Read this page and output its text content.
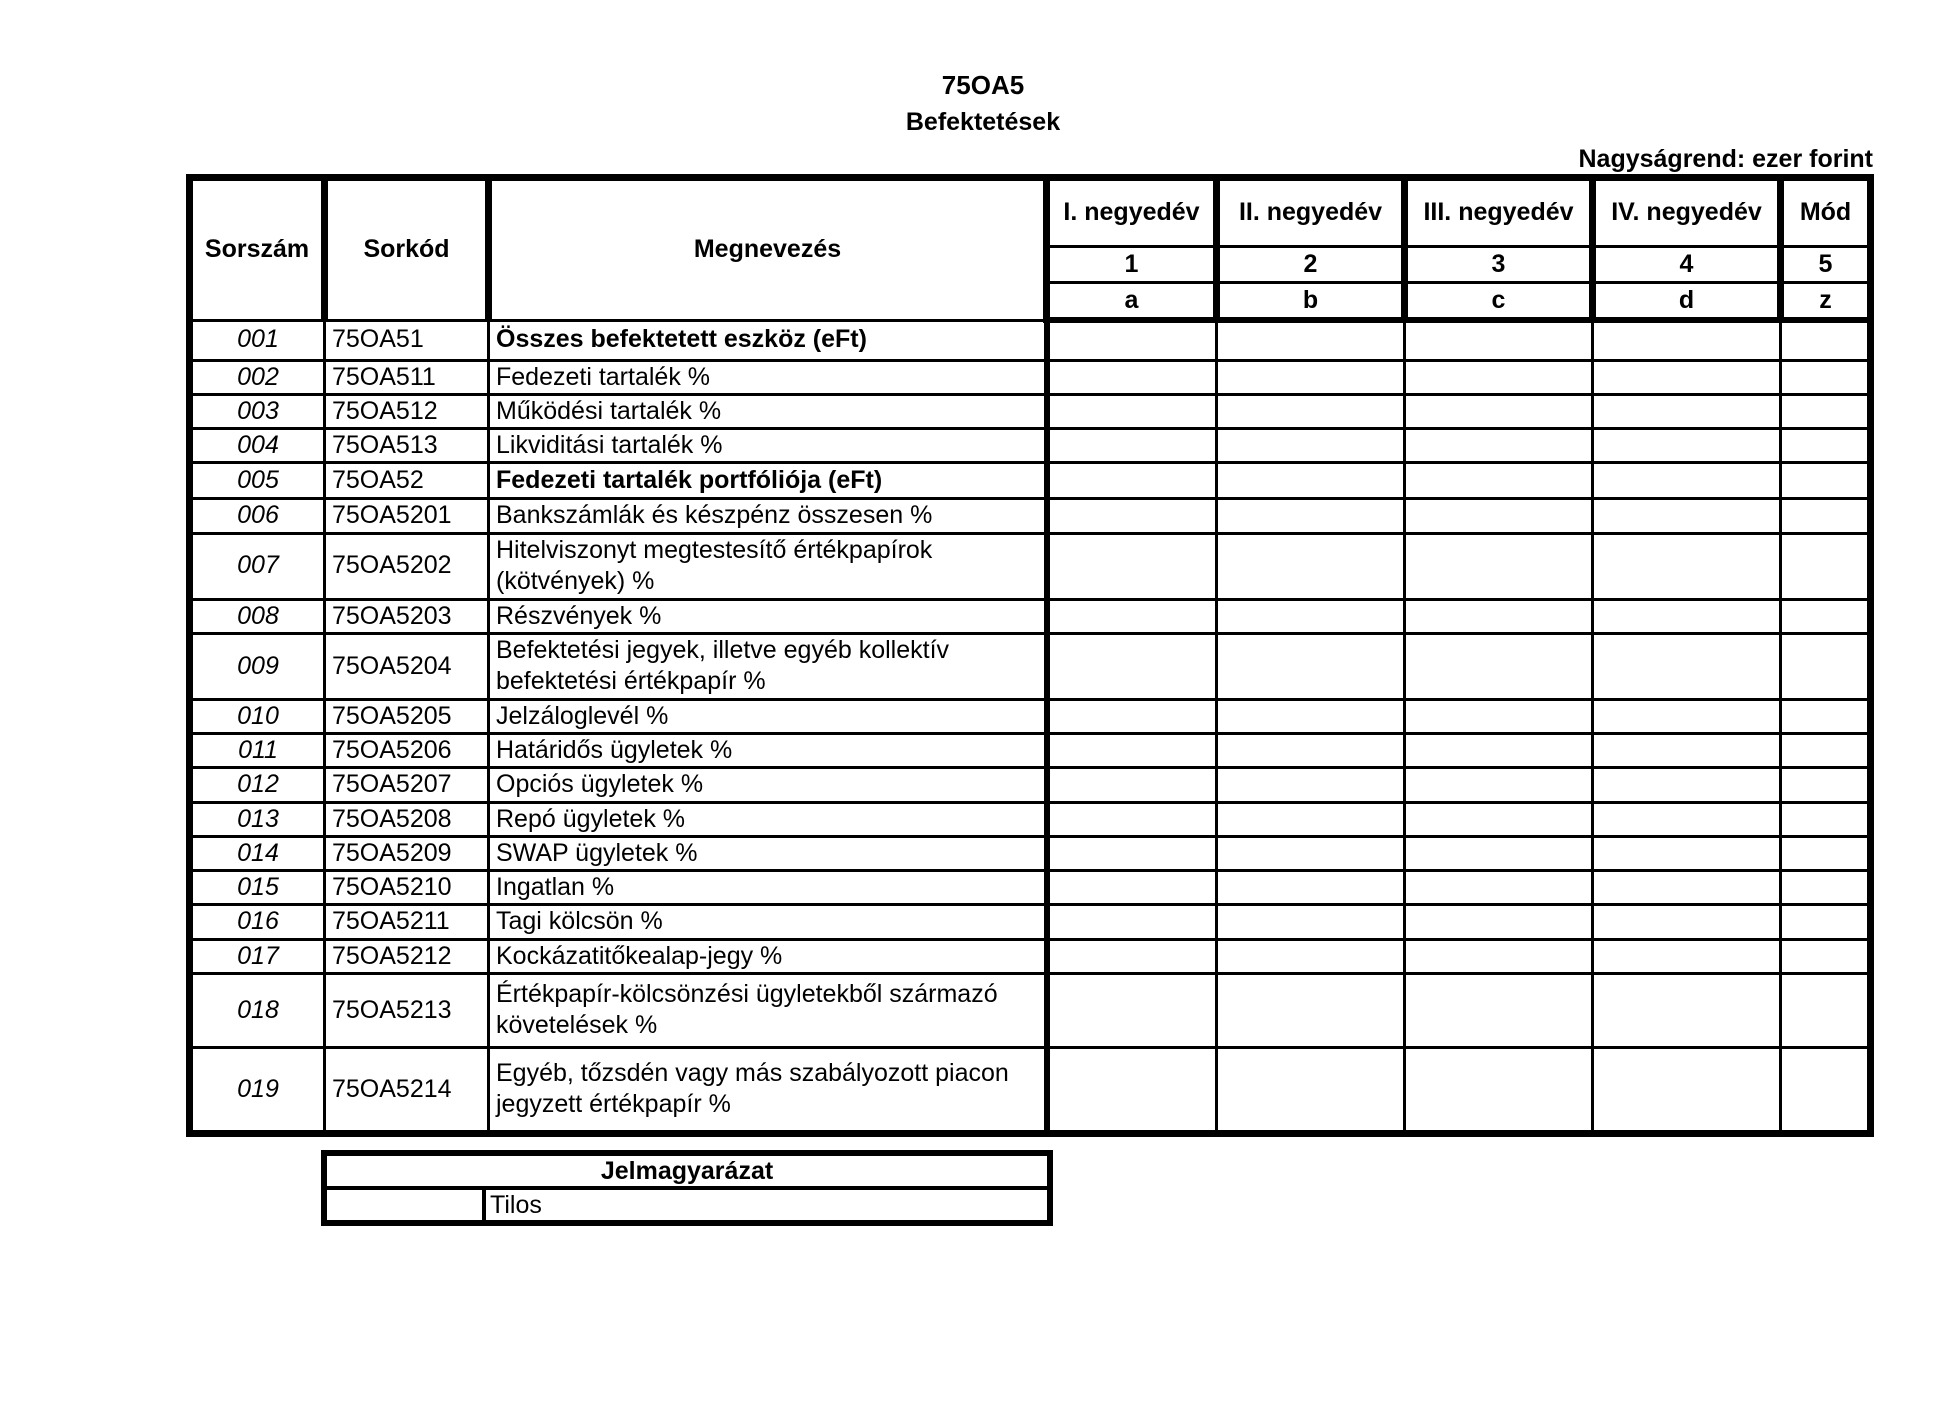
75OA5
Befektetések
Nagyságrend: ezer forint
Sorszám	Sorkód	Megnevezés	I. negyedév	II. negyedév	III. negyedév	IV. negyedév	Mód
			1	2	3	4	5
			a	b	c	d	z
001	75OA51	Összes befektetett eszköz (eFt)					
002	75OA511	Fedezeti tartalék %					
003	75OA512	Működési tartalék %					
004	75OA513	Likviditási tartalék %					
005	75OA52	Fedezeti tartalék portfóliója (eFt)					
006	75OA5201	Bankszámlák és készpénz összesen %					
007	75OA5202	Hitelviszonyt megtestesítő értékpapírok (kötvények) %					
008	75OA5203	Részvények %					
009	75OA5204	Befektetési jegyek, illetve egyéb kollektív befektetési értékpapír %					
010	75OA5205	Jelzáloglevél %					
011	75OA5206	Határidős ügyletek %					
012	75OA5207	Opciós ügyletek %					
013	75OA5208	Repó ügyletek %					
014	75OA5209	SWAP ügyletek %					
015	75OA5210	Ingatlan %					
016	75OA5211	Tagi kölcsön %					
017	75OA5212	Kockázatitőkealap-jegy %					
018	75OA5213	Értékpapír-kölcsönzési ügyletekből származó követelések %					
019	75OA5214	Egyéb, tőzsdén vagy más szabályozott piacon jegyzett értékpapír %					
Jelmagyarázat
	Tilos
